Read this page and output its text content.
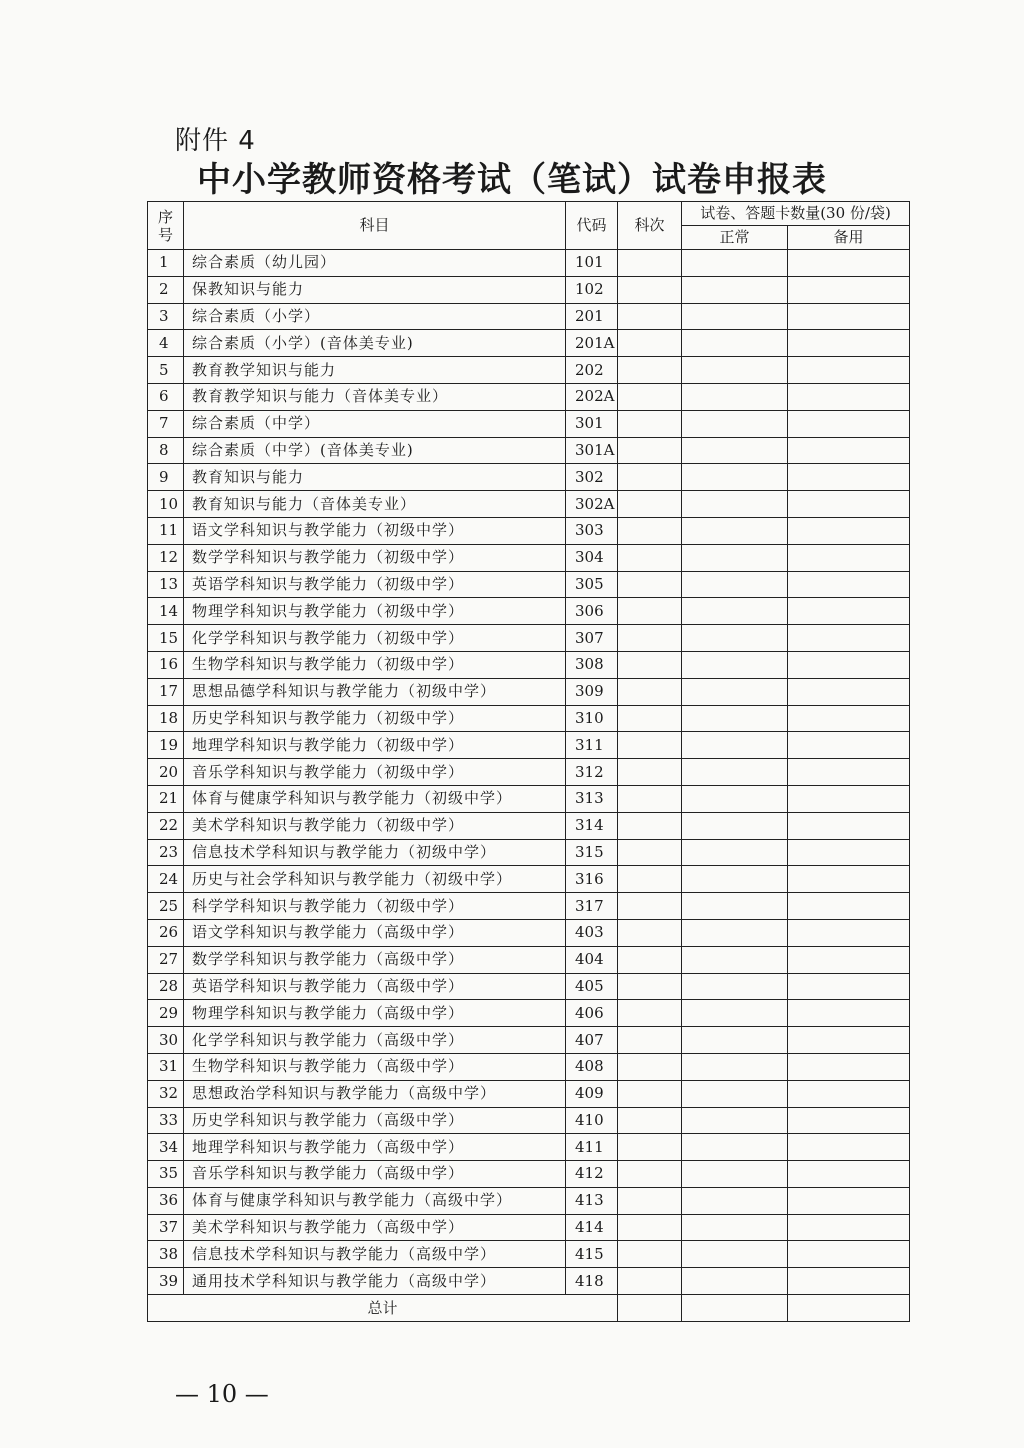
附件 4
中小学教师资格考试（笔试）试卷申报表
序
号	科目	代码	科次	试卷、答题卡数量(30 份/袋)	
				正常	备用
1	综合素质（幼儿园）	101			
2	保教知识与能力	102			
3	综合素质（小学）	201			
4	综合素质（小学）(音体美专业)	201A			
5	教育教学知识与能力	202			
6	教育教学知识与能力（音体美专业）	202A			
7	综合素质（中学）	301			
8	综合素质（中学）(音体美专业)	301A			
9	教育知识与能力	302			
10	教育知识与能力（音体美专业）	302A			
11	语文学科知识与教学能力（初级中学）	303			
12	数学学科知识与教学能力（初级中学）	304			
13	英语学科知识与教学能力（初级中学）	305			
14	物理学科知识与教学能力（初级中学）	306			
15	化学学科知识与教学能力（初级中学）	307			
16	生物学科知识与教学能力（初级中学）	308			
17	思想品德学科知识与教学能力（初级中学）	309			
18	历史学科知识与教学能力（初级中学）	310			
19	地理学科知识与教学能力（初级中学）	311			
20	音乐学科知识与教学能力（初级中学）	312			
21	体育与健康学科知识与教学能力（初级中学）	313			
22	美术学科知识与教学能力（初级中学）	314			
23	信息技术学科知识与教学能力（初级中学）	315			
24	历史与社会学科知识与教学能力（初级中学）	316			
25	科学学科知识与教学能力（初级中学）	317			
26	语文学科知识与教学能力（高级中学）	403			
27	数学学科知识与教学能力（高级中学）	404			
28	英语学科知识与教学能力（高级中学）	405			
29	物理学科知识与教学能力（高级中学）	406			
30	化学学科知识与教学能力（高级中学）	407			
31	生物学科知识与教学能力（高级中学）	408			
32	思想政治学科知识与教学能力（高级中学）	409			
33	历史学科知识与教学能力（高级中学）	410			
34	地理学科知识与教学能力（高级中学）	411			
35	音乐学科知识与教学能力（高级中学）	412			
36	体育与健康学科知识与教学能力（高级中学）	413			
37	美术学科知识与教学能力（高级中学）	414			
38	信息技术学科知识与教学能力（高级中学）	415			
39	通用技术学科知识与教学能力（高级中学）	418			
总计					
— 10 —
